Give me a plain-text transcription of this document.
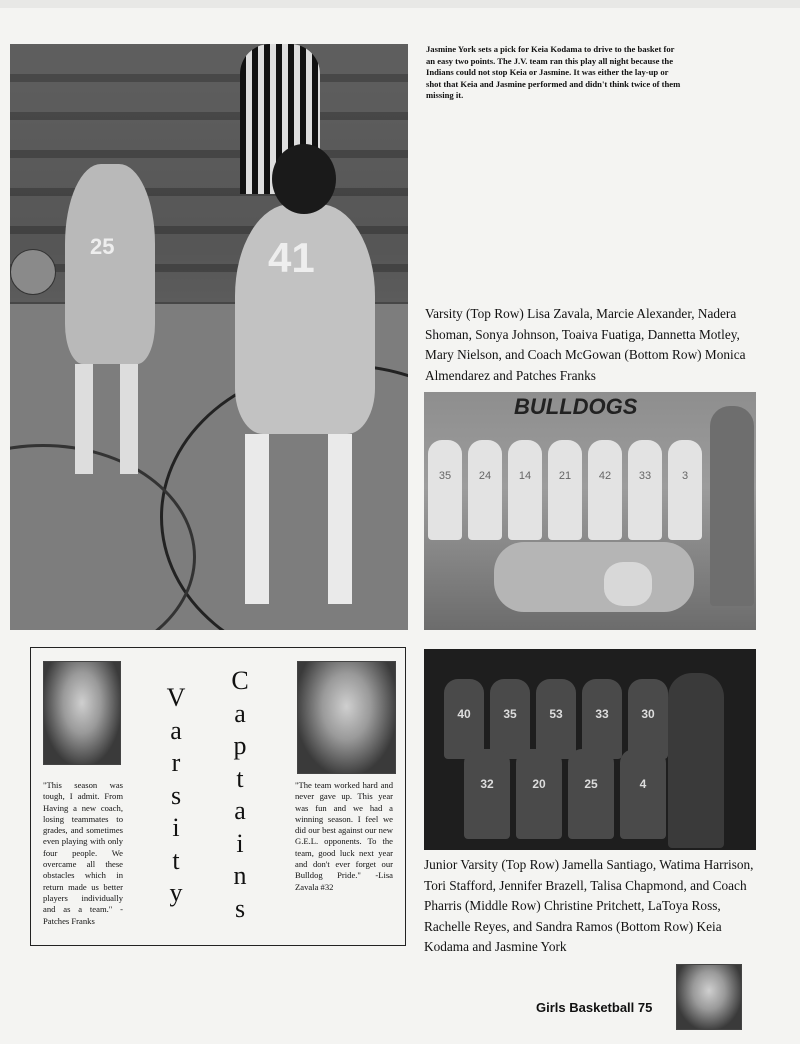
25	41
Jasmine York sets a pick for Keia Kodama to drive to the basket for an easy two points. The J.V. team ran this play all night because the Indians could not stop Keia or Jasmine. It was either the lay-up or shot that Keia and Jasmine performed and didn't think twice of them missing it.
Varsity (Top Row) Lisa Zavala, Marcie Alexander, Nadera Shoman, Sonya Johnson, Toaiva Fuatiga, Dannetta Motley, Mary Nielson, and Coach McGowan (Bottom Row) Monica Almendarez and Patches Franks
BULLDOGS
35	24	14	21	42	33	3
40	35	53	33	30
32	20	25	4
Junior Varsity (Top Row) Jamella Santiago, Watima Harrison, Tori Stafford, Jennifer Brazell, Talisa Chapmond, and Coach Pharris (Middle Row) Christine Pritchett, LaToya Ross, Rachelle Reyes, and Sandra Ramos (Bottom Row) Keia Kodama and Jasmine York
V
a
r
s
i
t
y
C
a
p
t
a
i
n
s
"This season was tough, I admit. From Having a new coach, losing teammates to grades, and sometimes even playing with only four people. We overcame all these obstacles which in return made us better players individually and as a team." - Patches Franks
"The team worked hard and never gave up. This year was fun and we had a winning season. I feel we did our best against our new G.E.L. opponents. To the team, good luck next year and don't ever forget our Bulldog Pride." -Lisa Zavala #32
Girls Basketball 75
